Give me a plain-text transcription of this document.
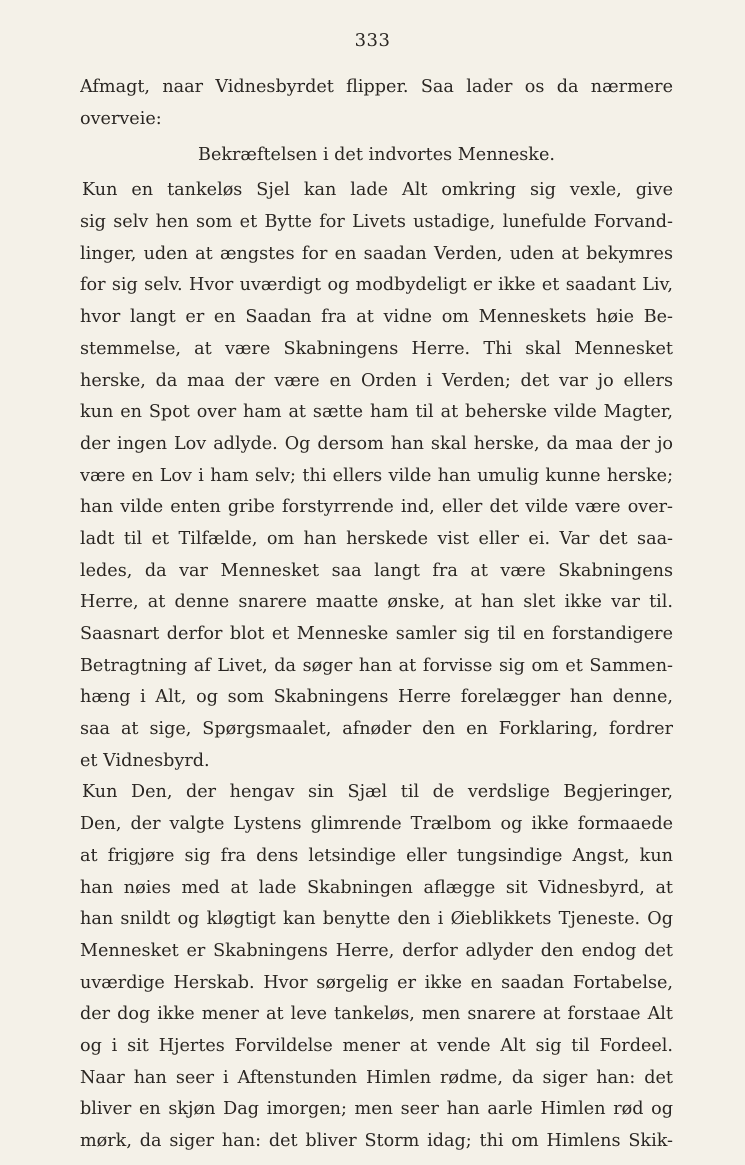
333
Afmagt, naar Vidnesbyrdet flipper. Saa lader os da nærmere
overveie:
Bekræftelsen i det indvortes Menneske.
Kun en tankeløs Sjel kan lade Alt omkring sig vexle, give
sig selv hen som et Bytte for Livets ustadige, lunefulde Forvand-
linger, uden at ængstes for en saadan Verden, uden at bekymres
for sig selv. Hvor uværdigt og modbydeligt er ikke et saadant Liv,
hvor langt er en Saadan fra at vidne om Menneskets høie Be-
stemmelse, at være Skabningens Herre. Thi skal Mennesket
herske, da maa der være en Orden i Verden; det var jo ellers
kun en Spot over ham at sætte ham til at beherske vilde Magter,
der ingen Lov adlyde. Og dersom han skal herske, da maa der jo
være en Lov i ham selv; thi ellers vilde han umulig kunne herske;
han vilde enten gribe forstyrrende ind, eller det vilde være over-
ladt til et Tilfælde, om han herskede vist eller ei. Var det saa-
ledes, da var Mennesket saa langt fra at være Skabningens
Herre, at denne snarere maatte ønske, at han slet ikke var til.
Saasnart derfor blot et Menneske samler sig til en forstandigere
Betragtning af Livet, da søger han at forvisse sig om et Sammen-
hæng i Alt, og som Skabningens Herre forelægger han denne,
saa at sige, Spørgsmaalet, afnøder den en Forklaring, fordrer
et Vidnesbyrd.
Kun Den, der hengav sin Sjæl til de verdslige Begjeringer,
Den, der valgte Lystens glimrende Trælbom og ikke formaaede
at frigjøre sig fra dens letsindige eller tungsindige Angst, kun
han nøies med at lade Skabningen aflægge sit Vidnesbyrd, at
han snildt og kløgtigt kan benytte den i Øieblikkets Tjeneste. Og
Mennesket er Skabningens Herre, derfor adlyder den endog det
uværdige Herskab. Hvor sørgelig er ikke en saadan Fortabelse,
der dog ikke mener at leve tankeløs, men snarere at forstaae Alt
og i sit Hjertes Forvildelse mener at vende Alt sig til Fordeel.
Naar han seer i Aftenstunden Himlen rødme, da siger han: det
bliver en skjøn Dag imorgen; men seer han aarle Himlen rød og
mørk, da siger han: det bliver Storm idag; thi om Himlens Skik-
